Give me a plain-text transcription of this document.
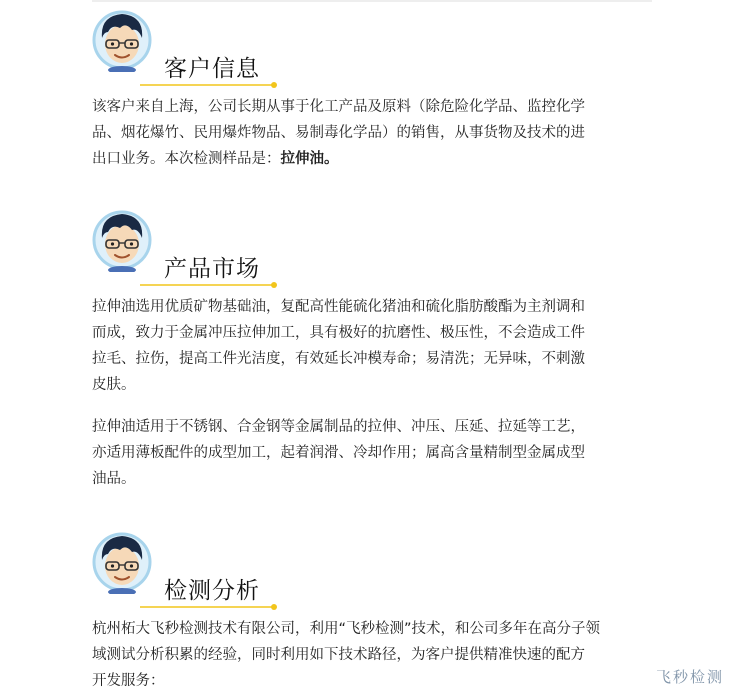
客户信息

该客户来自上海，公司长期从事于化工产品及原料（除危险化学品、监控化学
品、烟花爆竹、民用爆炸物品、易制毒化学品）的销售，从事货物及技术的进
出口业务。本次检测样品是：拉伸油。

产品市场

拉伸油选用优质矿物基础油，复配高性能硫化猪油和硫化脂肪酸酯为主剂调和
而成，致力于金属冲压拉伸加工，具有极好的抗磨性、极压性，不会造成工件
拉毛、拉伤，提高工件光洁度，有效延长冲模寿命；易清洗；无异味，不刺激
皮肤。

拉伸油适用于不锈钢、合金钢等金属制品的拉伸、冲压、压延、拉延等工艺，
亦适用薄板配件的成型加工，起着润滑、冷却作用；属高含量精制型金属成型
油品。

检测分析

杭州柘大飞秒检测技术有限公司，利用“飞秒检测”技术，和公司多年在高分子领
域测试分析积累的经验，同时利用如下技术路径，为客户提供精准快速的配方
开发服务：	飞秒检测
